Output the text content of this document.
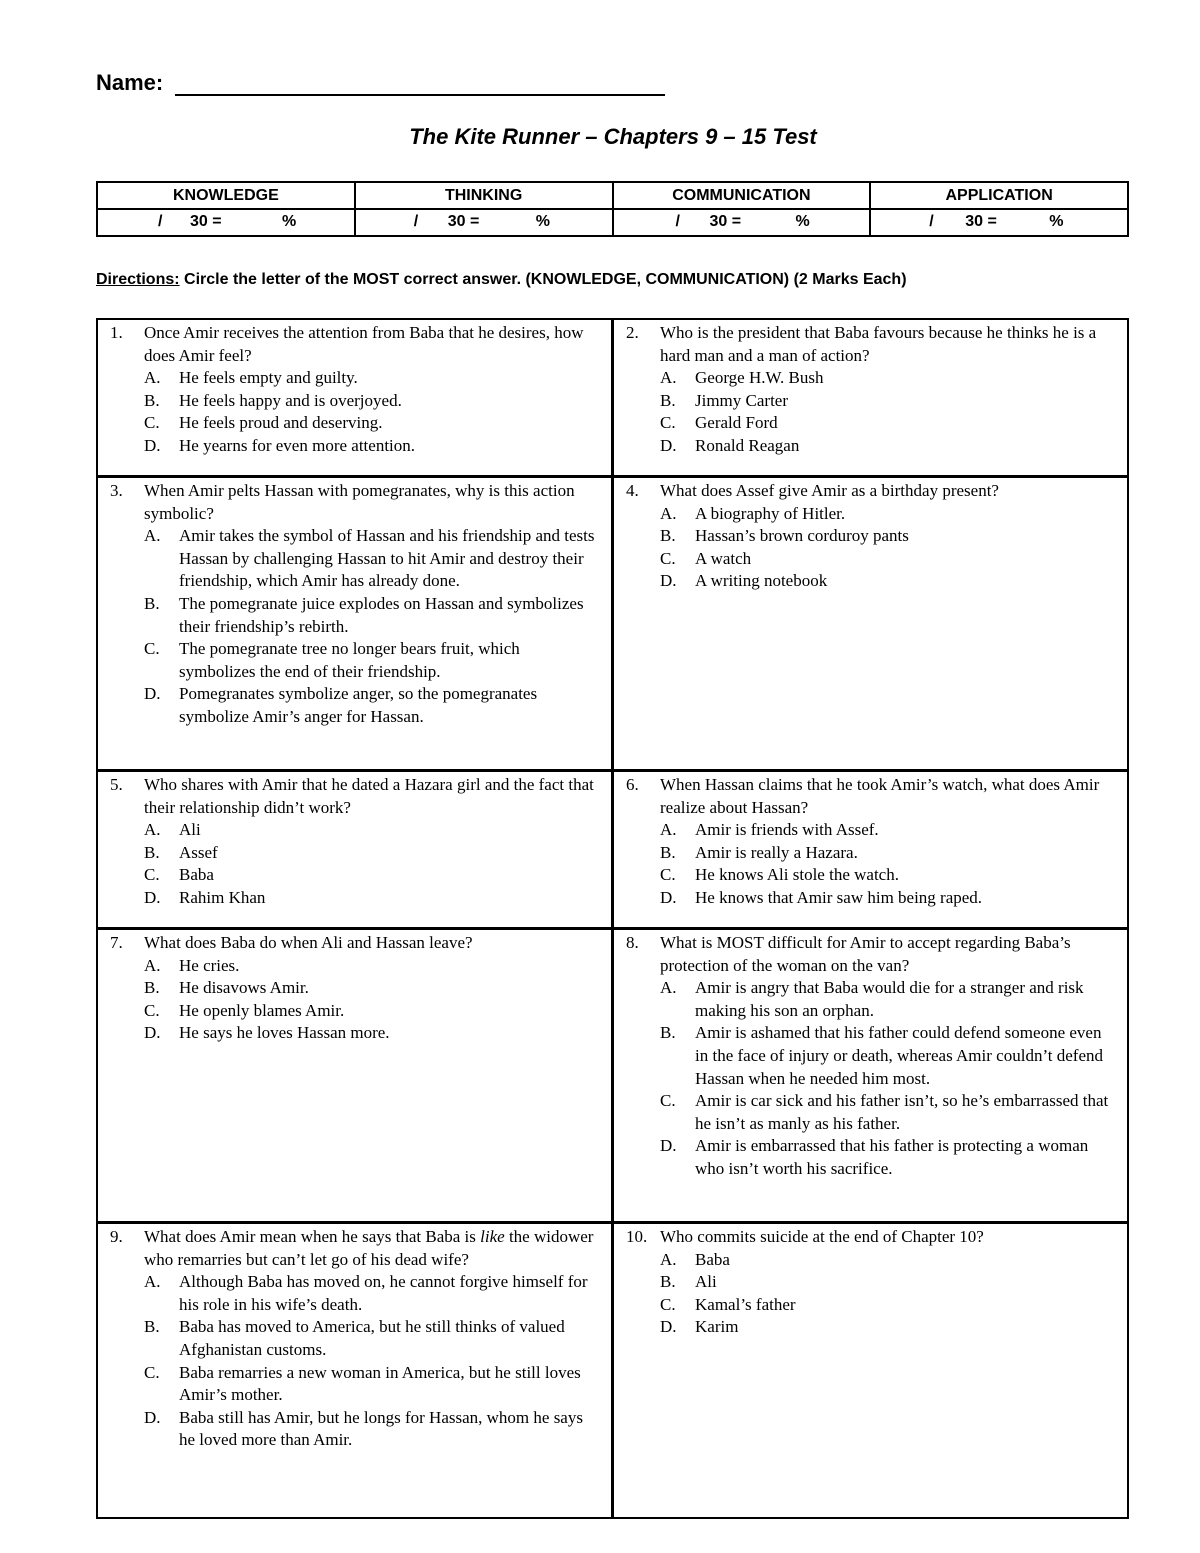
Name:
The Kite Runner – Chapters 9 – 15 Test
KNOWLEDGE	THINKING	COMMUNICATION	APPLICATION

/ 30 = %	/ 30 = %	/ 30 = %	/ 30 = %
Directions: Circle the letter of the MOST correct answer. (KNOWLEDGE, COMMUNICATION) (2 Marks Each)
1.	Once Amir receives the attention from Baba that he desires, how does Amir feel?
A.	He feels empty and guilty.
B.	He feels happy and is overjoyed.
C.	He feels proud and deserving.
D.	He yearns for even more attention.
2.	Who is the president that Baba favours because he thinks he is a hard man and a man of action?
A.	George H.W. Bush
B.	Jimmy Carter
C.	Gerald Ford
D.	Ronald Reagan
3.	When Amir pelts Hassan with pomegranates, why is this action symbolic?
A.	Amir takes the symbol of Hassan and his friendship and tests Hassan by challenging Hassan to hit Amir and destroy their friendship, which Amir has already done.
B.	The pomegranate juice explodes on Hassan and symbolizes their friendship’s rebirth.
C.	The pomegranate tree no longer bears fruit, which symbolizes the end of their friendship.
D.	Pomegranates symbolize anger, so the pomegranates symbolize Amir’s anger for Hassan.
4.	What does Assef give Amir as a birthday present?
A.	A biography of Hitler.
B.	Hassan’s brown corduroy pants
C.	A watch
D.	A writing notebook
5.	Who shares with Amir that he dated a Hazara girl and the fact that their relationship didn’t work?
A.	Ali
B.	Assef
C.	Baba
D.	Rahim Khan
6.	When Hassan claims that he took Amir’s watch, what does Amir realize about Hassan?
A.	Amir is friends with Assef.
B.	Amir is really a Hazara.
C.	He knows Ali stole the watch.
D.	He knows that Amir saw him being raped.
7.	What does Baba do when Ali and Hassan leave?
A.	He cries.
B.	He disavows Amir.
C.	He openly blames Amir.
D.	He says he loves Hassan more.
8.	What is MOST difficult for Amir to accept regarding Baba’s protection of the woman on the van?
A.	Amir is angry that Baba would die for a stranger and risk making his son an orphan.
B.	Amir is ashamed that his father could defend someone even in the face of injury or death, whereas Amir couldn’t defend Hassan when he needed him most.
C.	Amir is car sick and his father isn’t, so he’s embarrassed that he isn’t as manly as his father.
D.	Amir is embarrassed that his father is protecting a woman who isn’t worth his sacrifice.
9.	What does Amir mean when he says that Baba is like the widower who remarries but can’t let go of his dead wife?
A.	Although Baba has moved on, he cannot forgive himself for his role in his wife’s death.
B.	Baba has moved to America, but he still thinks of valued Afghanistan customs.
C.	Baba remarries a new woman in America, but he still loves Amir’s mother.
D.	Baba still has Amir, but he longs for Hassan, whom he says he loved more than Amir.
10. Who commits suicide at the end of Chapter 10?
A.	Baba
B.	Ali
C.	Kamal’s father
D.	Karim
